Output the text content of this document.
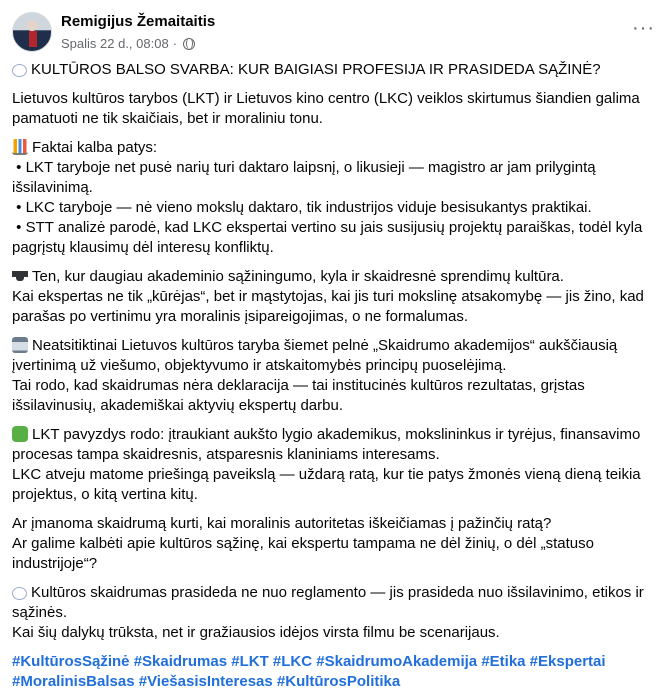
Remigijus Žemaitaitis
Spalis 22 d., 08:08 ·
···

KULTŪROS BALSO SVARBA: KUR BAIGIASI PROFESIJA IR PRASIDEDA SĄŽINĖ?

Lietuvos kultūros tarybos (LKT) ir Lietuvos kino centro (LKC) veiklos skirtumus šiandien galima pamatuoti ne tik skaičiais, bet ir moraliniu tonu.

Faktai kalba patys:
• LKT taryboje net pusė narių turi daktaro laipsnį, o likusieji — magistro ar jam prilygintą išsilavinimą.
• LKC taryboje — nė vieno mokslų daktaro, tik industrijos viduje besisukantys praktikai.
• STT analizė parodė, kad LKC ekspertai vertino su jais susijusių projektų paraiškas, todėl kyla pagrįstų klausimų dėl interesų konfliktų.

Ten, kur daugiau akademinio sąžiningumo, kyla ir skaidresnė sprendimų kultūra.
Kai ekspertas ne tik „kūrėjas“, bet ir mąstytojas, kai jis turi mokslinę atsakomybę — jis žino, kad parašas po vertinimu yra moralinis įsipareigojimas, o ne formalumas.

Neatsitiktinai Lietuvos kultūros taryba šiemet pelnė „Skaidrumo akademijos“ aukščiausią įvertinimą už viešumo, objektyvumo ir atskaitomybės principų puoselėjimą.
Tai rodo, kad skaidrumas nėra deklaracija — tai institucinės kultūros rezultatas, grįstas išsilavinusių, akademiškai aktyvių ekspertų darbu.

LKT pavyzdys rodo: įtraukiant aukšto lygio akademikus, mokslininkus ir tyrėjus, finansavimo procesas tampa skaidresnis, atsparesnis klaniniams interesams.
LKC atveju matome priešingą paveikslą — uždarą ratą, kur tie patys žmonės vieną dieną teikia projektus, o kitą vertina kitų.

Ar įmanoma skaidrumą kurti, kai moralinis autoritetas iškeičiamas į pažinčių ratą?
Ar galime kalbėti apie kultūros sąžinę, kai ekspertu tampama ne dėl žinių, o dėl „statuso industrijoje“?

Kultūros skaidrumas prasideda ne nuo reglamento — jis prasideda nuo išsilavinimo, etikos ir sąžinės.
Kai šių dalykų trūksta, net ir gražiausios idėjos virsta filmu be scenarijaus.

#KultūrosSąžinė #Skaidrumas #LKT #LKC #SkaidrumoAkademija #Etika #Ekspertai #MoralinisBalsas #ViešasisInteresas #KultūrosPolitika
